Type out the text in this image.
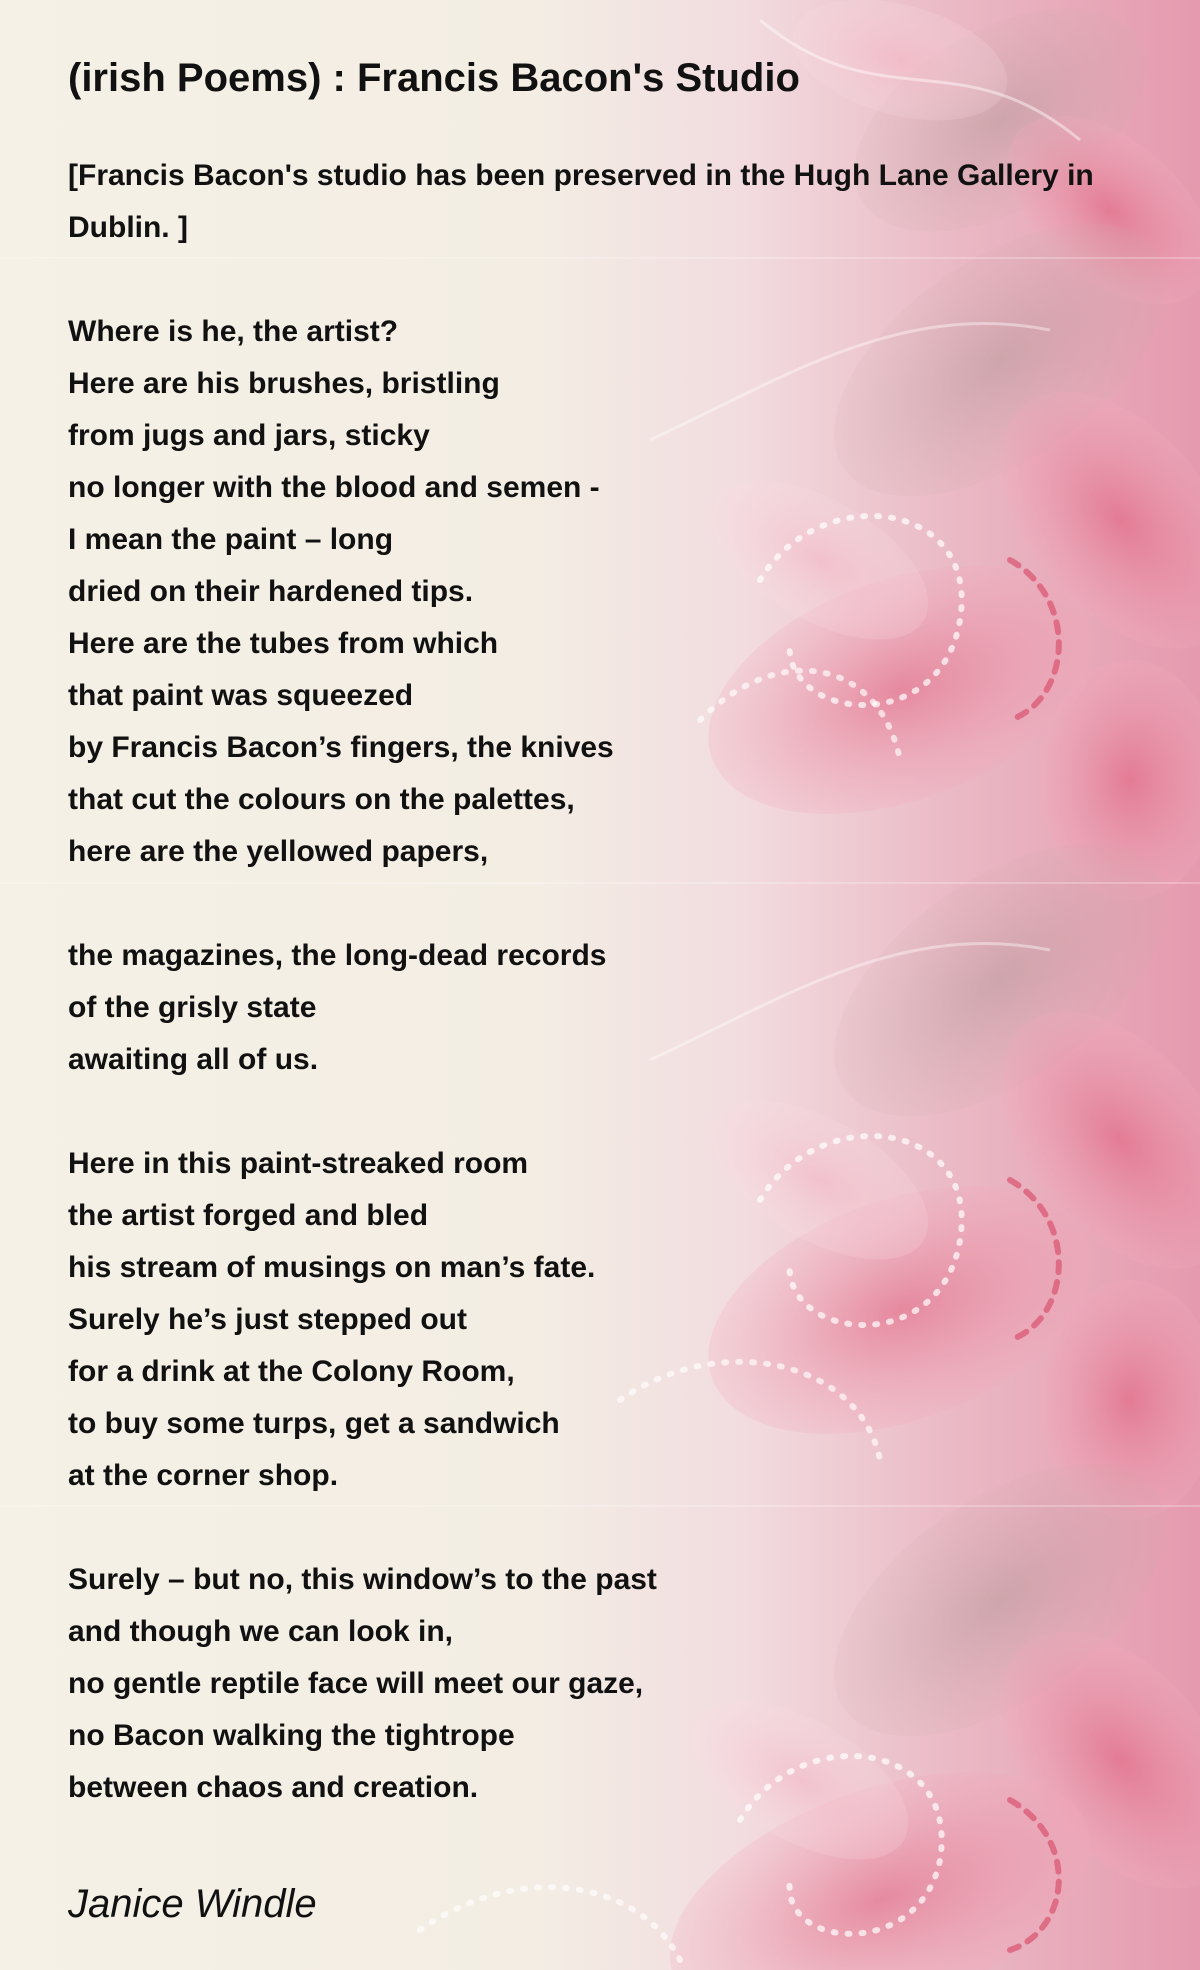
(irish Poems) : Francis Bacon's Studio
[Francis Bacon's studio has been preserved in the Hugh Lane Gallery in Dublin. ]
Where is he, the artist?
Here are his brushes, bristling
from jugs and jars, sticky
no longer with the blood and semen -
I mean the paint – long
dried on their hardened tips.
Here are the tubes from which
that paint was squeezed
by Francis Bacon’s fingers, the knives
that cut the colours on the palettes,
here are the yellowed papers,
the magazines, the long-dead records
of the grisly state
awaiting all of us.
Here in this paint-streaked room
the artist forged and bled
his stream of musings on man’s fate.
Surely he’s just stepped out
for a drink at the Colony Room,
to buy some turps, get a sandwich
at the corner shop.
Surely – but no, this window’s to the past
and though we can look in,
no gentle reptile face will meet our gaze,
no Bacon walking the tightrope
between chaos and creation.
Janice Windle
